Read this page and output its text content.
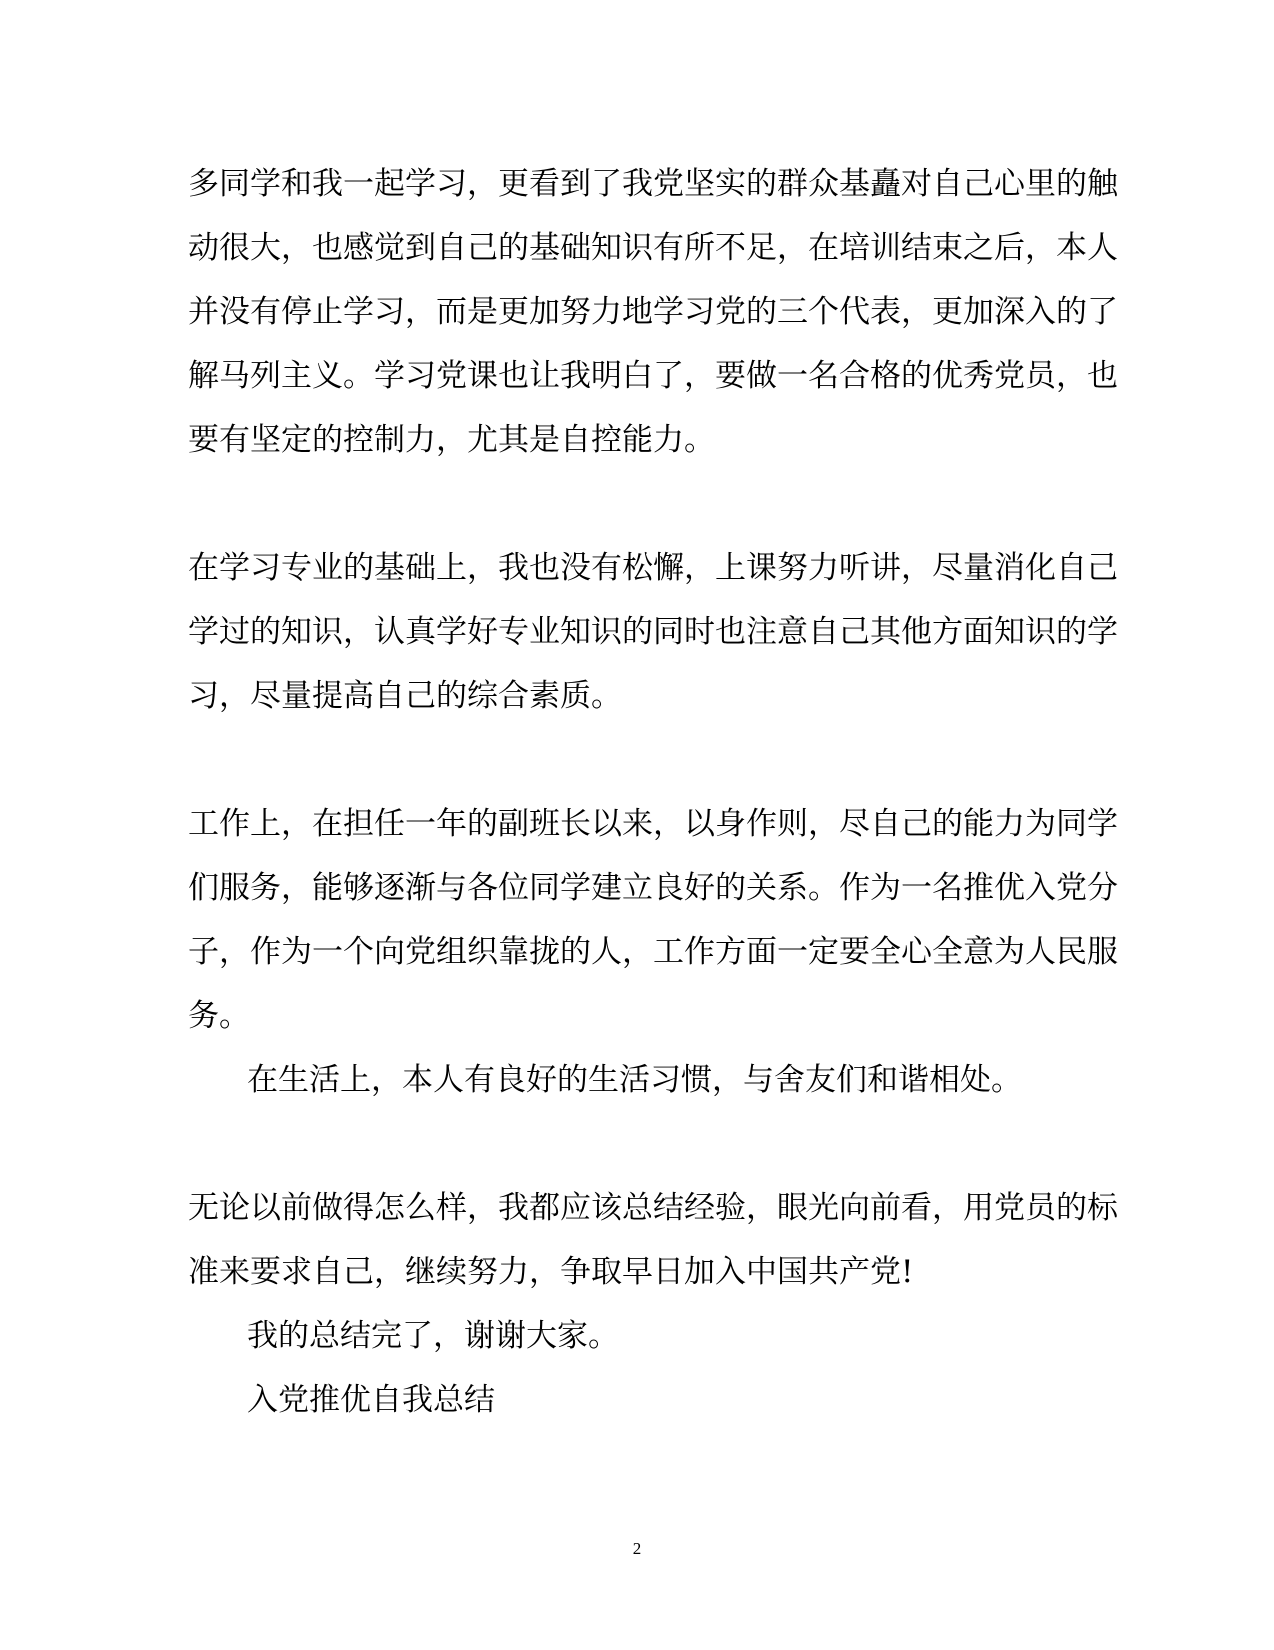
多同学和我一起学习，更看到了我党坚实的群众基矗对自己心里的触
动很大，也感觉到自己的基础知识有所不足，在培训结束之后，本人
并没有停止学习，而是更加努力地学习党的三个代表，更加深入的了
解马列主义。学习党课也让我明白了，要做一名合格的优秀党员，也
要有坚定的控制力，尤其是自控能力。
在学习专业的基础上，我也没有松懈，上课努力听讲，尽量消化自己
学过的知识，认真学好专业知识的同时也注意自己其他方面知识的学
习，尽量提高自己的综合素质。
工作上，在担任一年的副班长以来，以身作则，尽自己的能力为同学
们服务，能够逐渐与各位同学建立良好的关系。作为一名推优入党分
子，作为一个向党组织靠拢的人，工作方面一定要全心全意为人民服
务。
在生活上，本人有良好的生活习惯，与舍友们和谐相处。
无论以前做得怎么样，我都应该总结经验，眼光向前看，用党员的标
准来要求自己，继续努力，争取早日加入中国共产党!
我的总结完了，谢谢大家。
入党推优自我总结
2
